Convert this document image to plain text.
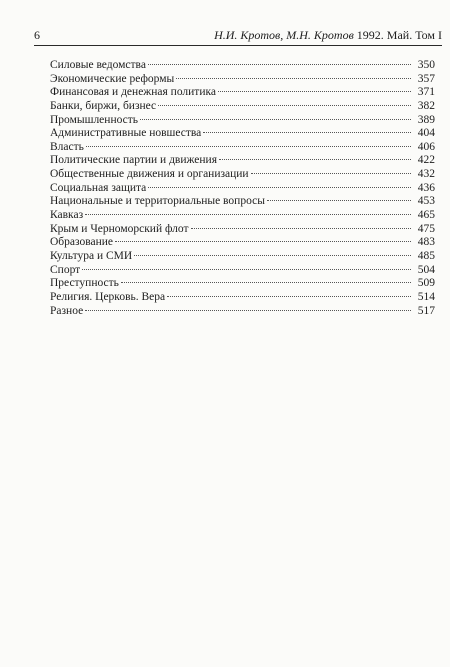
6	Н.И. Кротов, М.Н. Кротов 1992. Май. Том I
Силовые ведомства	350
Экономические реформы	357
Финансовая и денежная политика	371
Банки, биржи, бизнес	382
Промышленность	389
Административные новшества	404
Власть	406
Политические партии и движения	422
Общественные движения и организации	432
Социальная защита	436
Национальные и территориальные вопросы	453
Кавказ	465
Крым и Черноморский флот	475
Образование	483
Культура и СМИ	485
Спорт	504
Преступность	509
Религия. Церковь. Вера	514
Разное	517
